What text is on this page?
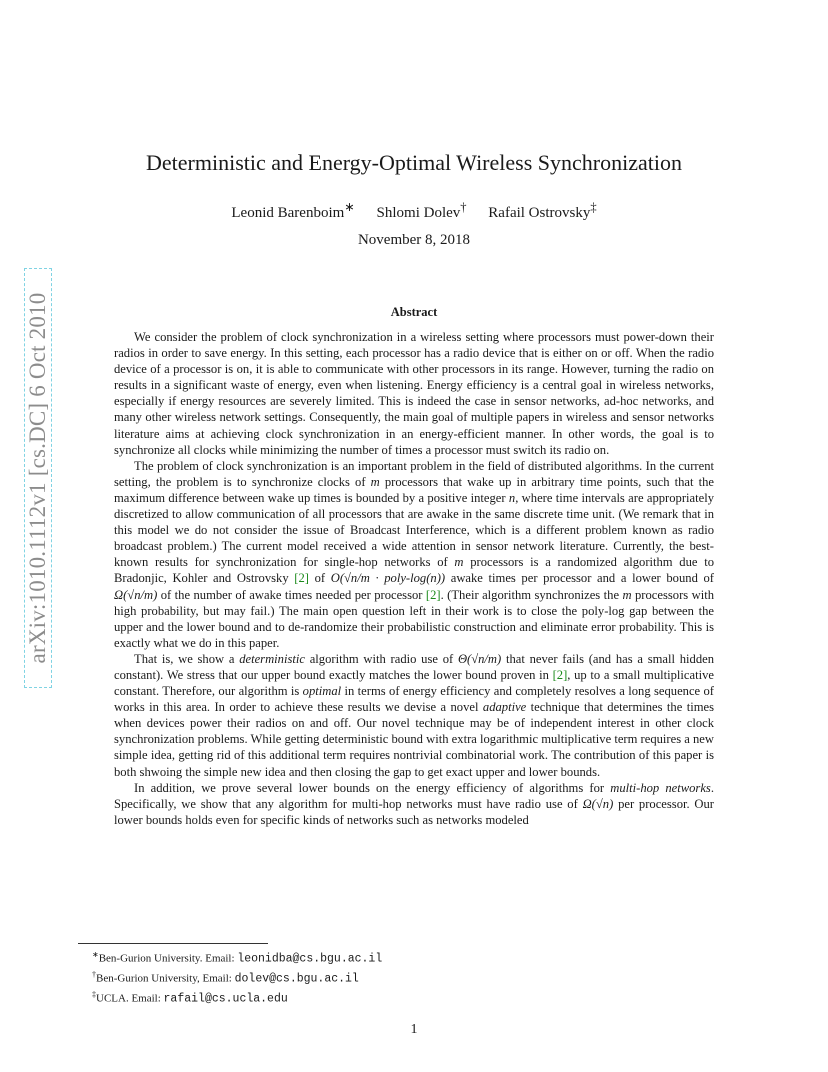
arXiv:1010.1112v1 [cs.DC] 6 Oct 2010
Deterministic and Energy-Optimal Wireless Synchronization
Leonid Barenboim∗ Shlomi Dolev† Rafail Ostrovsky‡
November 8, 2018
Abstract

We consider the problem of clock synchronization in a wireless setting where processors must power-down their radios in order to save energy. In this setting, each processor has a radio device that is either on or off. When the radio device of a processor is on, it is able to communicate with other processors in its range. However, turning the radio on results in a significant waste of energy, even when listening. Energy efficiency is a central goal in wireless networks, especially if energy resources are severely limited. This is indeed the case in sensor networks, ad-hoc networks, and many other wireless network settings. Consequently, the main goal of multiple papers in wireless and sensor networks literature aims at achieving clock synchronization in an energy-efficient manner. In other words, the goal is to synchronize all clocks while minimizing the number of times a processor must switch its radio on.

The problem of clock synchronization is an important problem in the field of distributed algorithms. In the current setting, the problem is to synchronize clocks of m processors that wake up in arbitrary time points, such that the maximum difference between wake up times is bounded by a positive integer n, where time intervals are appropriately discretized to allow communication of all processors that are awake in the same discrete time unit. (We remark that in this model we do not consider the issue of Broadcast Interference, which is a different problem known as radio broadcast problem.) The current model received a wide attention in sensor network literature. Currently, the best-known results for synchronization for single-hop networks of m processors is a randomized algorithm due to Bradonjic, Kohler and Ostrovsky [2] of O(√n/m · poly-log(n)) awake times per processor and a lower bound of Ω(√n/m) of the number of awake times needed per processor [2]. (Their algorithm synchronizes the m processors with high probability, but may fail.) The main open question left in their work is to close the poly-log gap between the upper and the lower bound and to de-randomize their probabilistic construction and eliminate error probability. This is exactly what we do in this paper.

That is, we show a deterministic algorithm with radio use of Θ(√n/m) that never fails (and has a small hidden constant). We stress that our upper bound exactly matches the lower bound proven in [2], up to a small multiplicative constant. Therefore, our algorithm is optimal in terms of energy efficiency and completely resolves a long sequence of works in this area. In order to achieve these results we devise a novel adaptive technique that determines the times when devices power their radios on and off. Our novel technique may be of independent interest in other clock synchronization problems. While getting deterministic bound with extra logarithmic multiplicative term requires a new simple idea, getting rid of this additional term requires nontrivial combinatorial work. The contribution of this paper is both shwoing the simple new idea and then closing the gap to get exact upper and lower bounds.

In addition, we prove several lower bounds on the energy efficiency of algorithms for multi-hop networks. Specifically, we show that any algorithm for multi-hop networks must have radio use of Ω(√n) per processor. Our lower bounds holds even for specific kinds of networks such as networks modeled

∗Ben-Gurion University. Email: leonidba@cs.bgu.ac.il
†Ben-Gurion University, Email: dolev@cs.bgu.ac.il
‡UCLA. Email: rafail@cs.ucla.edu
1
